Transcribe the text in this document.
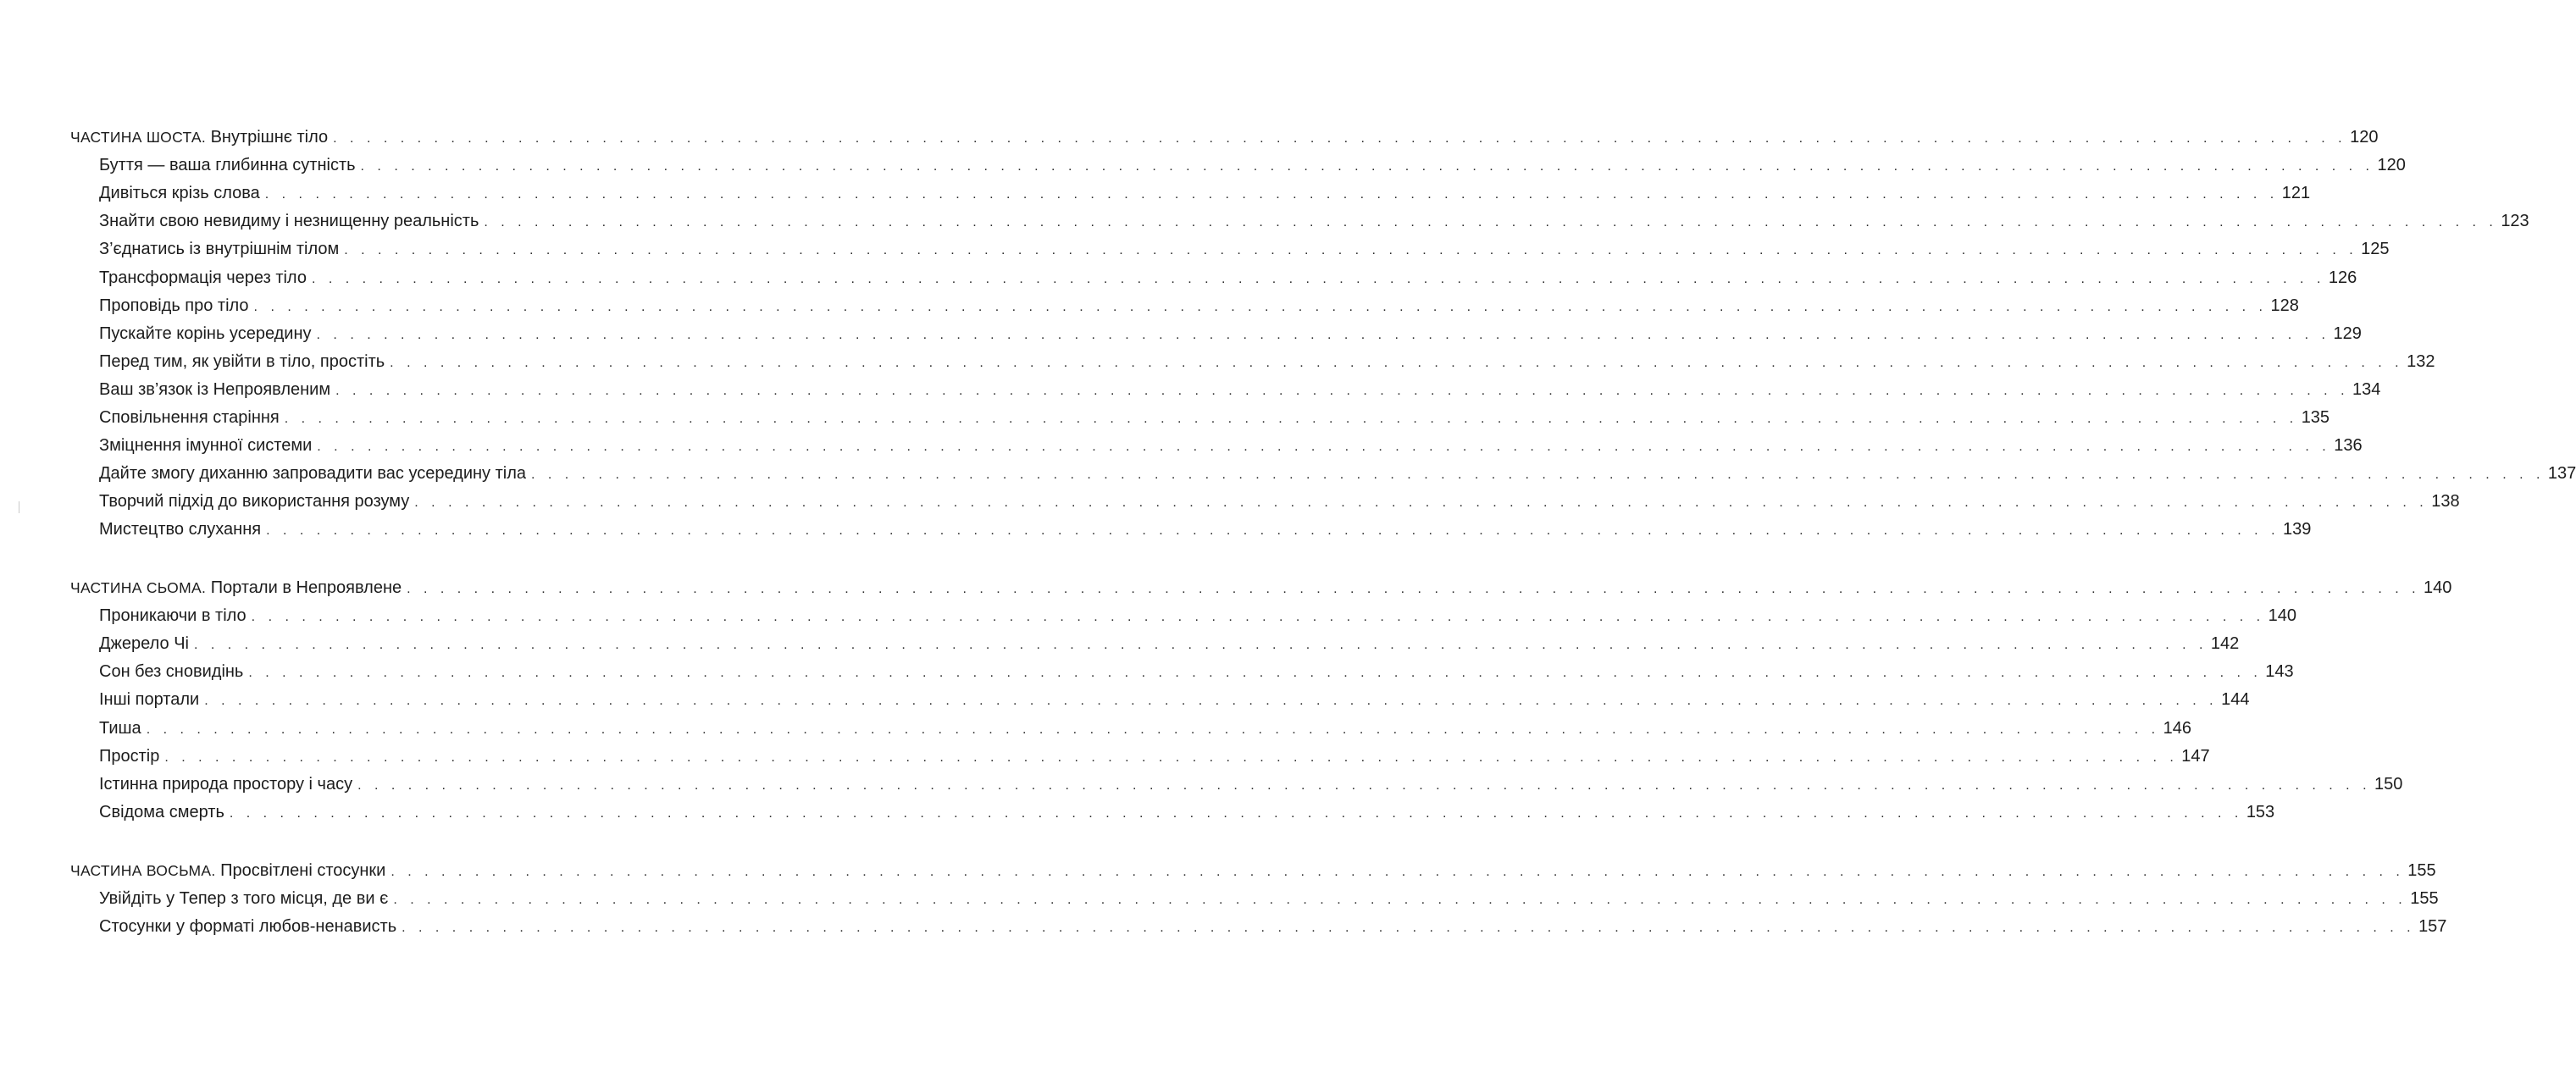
ЧАСТИНА ШОСТА.
Внутрішнє тіло . . . . . . . . . . . . . . . . . . . . . . . . . . . . . . . . . . . . . . . . . . . . . . . . . . . . . . . . . . . . . . . . . . . . . . . . . . . . . . . . . . . . . . . . . . . . . . . . . . . . . . . . . . . . . . . . . . . . . . . . 120
Буття — ваша глибинна сутність . . . . . . . . . . . . . . . . . . . . . . . . . . . . . . . . . . . . . . . . . . . . . . . . . . . . . . . . . . . . . . . . . . . . . . . . . . . . . . . . . . . . . . . . . . . . . . . . . . . . . . . . . . . . . . . . . . . . . . . . 120
Дивіться крізь слова . . . . . . . . . . . . . . . . . . . . . . . . . . . . . . . . . . . . . . . . . . . . . . . . . . . . . . . . . . . . . . . . . . . . . . . . . . . . . . . . . . . . . . . . . . . . . . . . . . . . . . . . . . . . . . . . . . . . . . . . 121
Знайти свою невидиму і незнищенну реальність . . . . . . . . . . . . . . . . . . . . . . . . . . . . . . . . . . . . . . . . . . . . . . . . . . . . . . . . . . . . . . . . . . . . . . . . . . . . . . . . . . . . . . . . . . . . . . . . . . . . . . . . . . . . . . . . . . . . . . . . 123
З’єднатись із внутрішнім тілом . . . . . . . . . . . . . . . . . . . . . . . . . . . . . . . . . . . . . . . . . . . . . . . . . . . . . . . . . . . . . . . . . . . . . . . . . . . . . . . . . . . . . . . . . . . . . . . . . . . . . . . . . . . . . . . . . . . . . . . . 125
Трансформація через тіло . . . . . . . . . . . . . . . . . . . . . . . . . . . . . . . . . . . . . . . . . . . . . . . . . . . . . . . . . . . . . . . . . . . . . . . . . . . . . . . . . . . . . . . . . . . . . . . . . . . . . . . . . . . . . . . . . . . . . . . . 126
Проповідь про тіло . . . . . . . . . . . . . . . . . . . . . . . . . . . . . . . . . . . . . . . . . . . . . . . . . . . . . . . . . . . . . . . . . . . . . . . . . . . . . . . . . . . . . . . . . . . . . . . . . . . . . . . . . . . . . . . . . . . . . . . . 128
Пускайте корінь усередину . . . . . . . . . . . . . . . . . . . . . . . . . . . . . . . . . . . . . . . . . . . . . . . . . . . . . . . . . . . . . . . . . . . . . . . . . . . . . . . . . . . . . . . . . . . . . . . . . . . . . . . . . . . . . . . . . . . . . . . . 129
Перед тим, як увійти в тіло, простіть . . . . . . . . . . . . . . . . . . . . . . . . . . . . . . . . . . . . . . . . . . . . . . . . . . . . . . . . . . . . . . . . . . . . . . . . . . . . . . . . . . . . . . . . . . . . . . . . . . . . . . . . . . . . . . . . . . . . . . . . 132
Ваш зв’язок із Непроявленим . . . . . . . . . . . . . . . . . . . . . . . . . . . . . . . . . . . . . . . . . . . . . . . . . . . . . . . . . . . . . . . . . . . . . . . . . . . . . . . . . . . . . . . . . . . . . . . . . . . . . . . . . . . . . . . . . . . . . . . . 134
Сповільнення старіння . . . . . . . . . . . . . . . . . . . . . . . . . . . . . . . . . . . . . . . . . . . . . . . . . . . . . . . . . . . . . . . . . . . . . . . . . . . . . . . . . . . . . . . . . . . . . . . . . . . . . . . . . . . . . . . . . . . . . . . . 135
Зміцнення імунної системи . . . . . . . . . . . . . . . . . . . . . . . . . . . . . . . . . . . . . . . . . . . . . . . . . . . . . . . . . . . . . . . . . . . . . . . . . . . . . . . . . . . . . . . . . . . . . . . . . . . . . . . . . . . . . . . . . . . . . . . . 136
Дайте змогу диханню запровадити вас усередину тіла . . . . . . . . . . . . . . . . . . . . . . . . . . . . . . . . . . . . . . . . . . . . . . . . . . . . . . . . . . . . . . . . . . . . . . . . . . . . . . . . . . . . . . . . . . . . . . . . . . . . . . . . . . . . . . . . . . . . . . . . 137
Творчий підхід до використання розуму . . . . . . . . . . . . . . . . . . . . . . . . . . . . . . . . . . . . . . . . . . . . . . . . . . . . . . . . . . . . . . . . . . . . . . . . . . . . . . . . . . . . . . . . . . . . . . . . . . . . . . . . . . . . . . . . . . . . . . . . 138
Мистецтво слухання . . . . . . . . . . . . . . . . . . . . . . . . . . . . . . . . . . . . . . . . . . . . . . . . . . . . . . . . . . . . . . . . . . . . . . . . . . . . . . . . . . . . . . . . . . . . . . . . . . . . . . . . . . . . . . . . . . . . . . . . 139
ЧАСТИНА СЬОМА.
Портали в Непроявлене . . . . . . . . . . . . . . . . . . . . . . . . . . . . . . . . . . . . . . . . . . . . . . . . . . . . . . . . . . . . . . . . . . . . . . . . . . . . . . . . . . . . . . . . . . . . . . . . . . . . . . . . . . . . . . . . . . . . . . . . 140
Проникаючи в тіло . . . . . . . . . . . . . . . . . . . . . . . . . . . . . . . . . . . . . . . . . . . . . . . . . . . . . . . . . . . . . . . . . . . . . . . . . . . . . . . . . . . . . . . . . . . . . . . . . . . . . . . . . . . . . . . . . . . . . . . . 140
Джерело Чі . . . . . . . . . . . . . . . . . . . . . . . . . . . . . . . . . . . . . . . . . . . . . . . . . . . . . . . . . . . . . . . . . . . . . . . . . . . . . . . . . . . . . . . . . . . . . . . . . . . . . . . . . . . . . . . . . . . . . . . . 142
Сон без сновидінь . . . . . . . . . . . . . . . . . . . . . . . . . . . . . . . . . . . . . . . . . . . . . . . . . . . . . . . . . . . . . . . . . . . . . . . . . . . . . . . . . . . . . . . . . . . . . . . . . . . . . . . . . . . . . . . . . . . . . . . . 143
Інші портали . . . . . . . . . . . . . . . . . . . . . . . . . . . . . . . . . . . . . . . . . . . . . . . . . . . . . . . . . . . . . . . . . . . . . . . . . . . . . . . . . . . . . . . . . . . . . . . . . . . . . . . . . . . . . . . . . . . . . . . . 144
Тиша . . . . . . . . . . . . . . . . . . . . . . . . . . . . . . . . . . . . . . . . . . . . . . . . . . . . . . . . . . . . . . . . . . . . . . . . . . . . . . . . . . . . . . . . . . . . . . . . . . . . . . . . . . . . . . . . . . . . . . . . 146
Простір . . . . . . . . . . . . . . . . . . . . . . . . . . . . . . . . . . . . . . . . . . . . . . . . . . . . . . . . . . . . . . . . . . . . . . . . . . . . . . . . . . . . . . . . . . . . . . . . . . . . . . . . . . . . . . . . . . . . . . . . 147
Істинна природа простору і часу . . . . . . . . . . . . . . . . . . . . . . . . . . . . . . . . . . . . . . . . . . . . . . . . . . . . . . . . . . . . . . . . . . . . . . . . . . . . . . . . . . . . . . . . . . . . . . . . . . . . . . . . . . . . . . . . . . . . . . . . 150
Свідома смерть . . . . . . . . . . . . . . . . . . . . . . . . . . . . . . . . . . . . . . . . . . . . . . . . . . . . . . . . . . . . . . . . . . . . . . . . . . . . . . . . . . . . . . . . . . . . . . . . . . . . . . . . . . . . . . . . . . . . . . . . 153
ЧАСТИНА ВОСЬМА.
Просвітлені стосунки . . . . . . . . . . . . . . . . . . . . . . . . . . . . . . . . . . . . . . . . . . . . . . . . . . . . . . . . . . . . . . . . . . . . . . . . . . . . . . . . . . . . . . . . . . . . . . . . . . . . . . . . . . . . . . . . . . . . . . . . 155
Увійдіть у Тепер з того місця, де ви є . . . . . . . . . . . . . . . . . . . . . . . . . . . . . . . . . . . . . . . . . . . . . . . . . . . . . . . . . . . . . . . . . . . . . . . . . . . . . . . . . . . . . . . . . . . . . . . . . . . . . . . . . . . . . . . . . . . . . . . . 155
Стосунки у форматі любов-ненависть . . . . . . . . . . . . . . . . . . . . . . . . . . . . . . . . . . . . . . . . . . . . . . . . . . . . . . . . . . . . . . . . . . . . . . . . . . . . . . . . . . . . . . . . . . . . . . . . . . . . . . . . . . . . . . . . . . . . . . . . 157
